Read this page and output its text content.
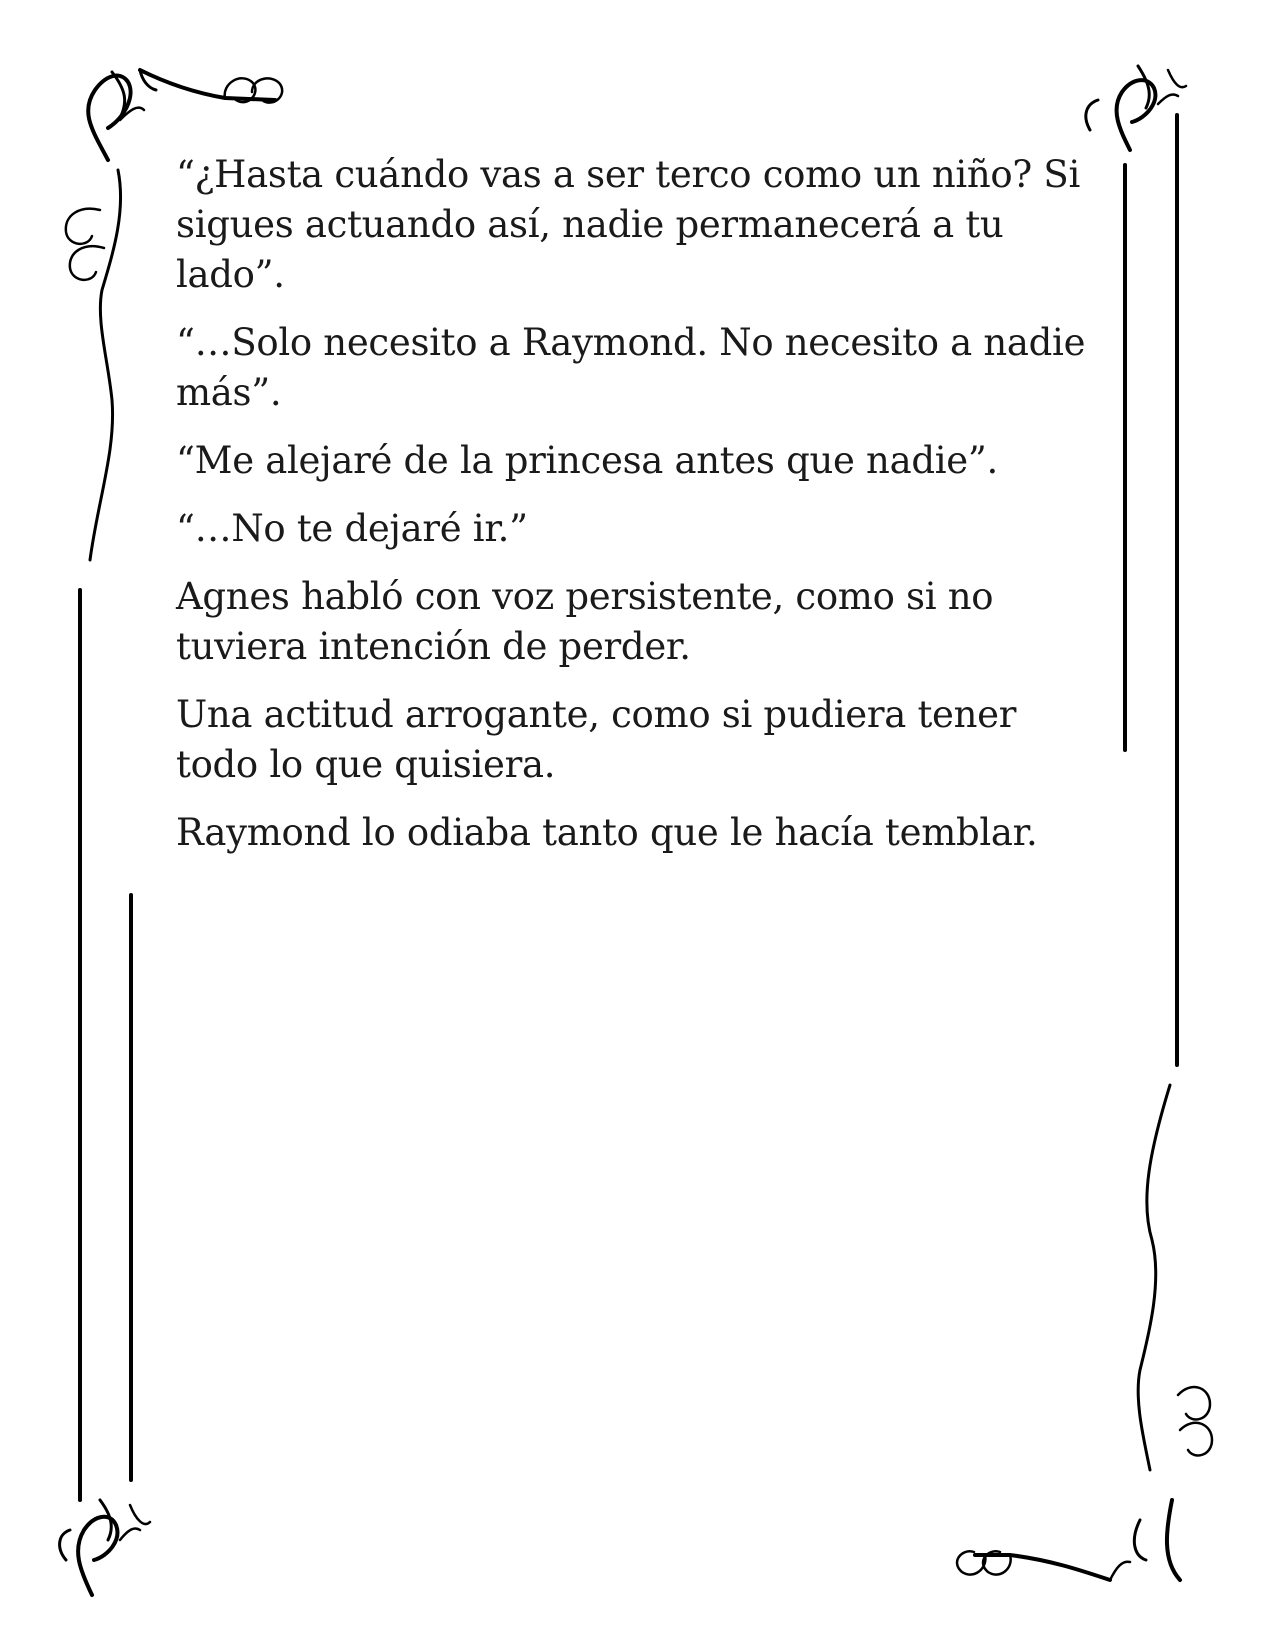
“¿Hasta cuándo vas a ser terco como un niño? Si sigues actuando así, nadie permanecerá a tu lado”.

“…Solo necesito a Raymond. No necesito a nadie más”.

“Me alejaré de la princesa antes que nadie”.

“…No te dejaré ir.”

Agnes habló con voz persistente, como si no tuviera intención de perder.

Una actitud arrogante, como si pudiera tener todo lo que quisiera.

Raymond lo odiaba tanto que le hacía temblar.
